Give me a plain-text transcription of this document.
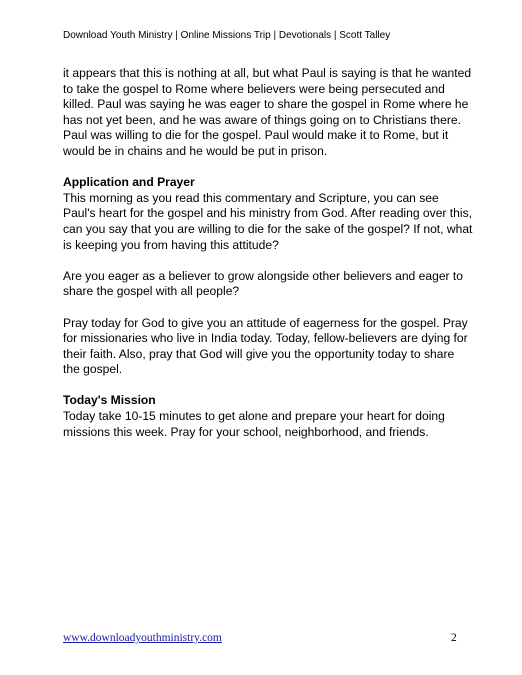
Download Youth Ministry | Online Missions Trip | Devotionals | Scott Talley

it appears that this is nothing at all, but what Paul is saying is that he wanted to take the gospel to Rome where believers were being persecuted and killed. Paul was saying he was eager to share the gospel in Rome where he has not yet been, and he was aware of things going on to Christians there. Paul was willing to die for the gospel. Paul would make it to Rome, but it would be in chains and he would be put in prison.

Application and Prayer

This morning as you read this commentary and Scripture, you can see Paul's heart for the gospel and his ministry from God. After reading over this, can you say that you are willing to die for the sake of the gospel? If not, what is keeping you from having this attitude?

Are you eager as a believer to grow alongside other believers and eager to share the gospel with all people?

Pray today for God to give you an attitude of eagerness for the gospel. Pray for missionaries who live in India today. Today, fellow-believers are dying for their faith. Also, pray that God will give you the opportunity today to share the gospel.

Today's Mission

Today take 10-15 minutes to get alone and prepare your heart for doing missions this week. Pray for your school, neighborhood, and friends.

www.downloadyouthministry.com	2
